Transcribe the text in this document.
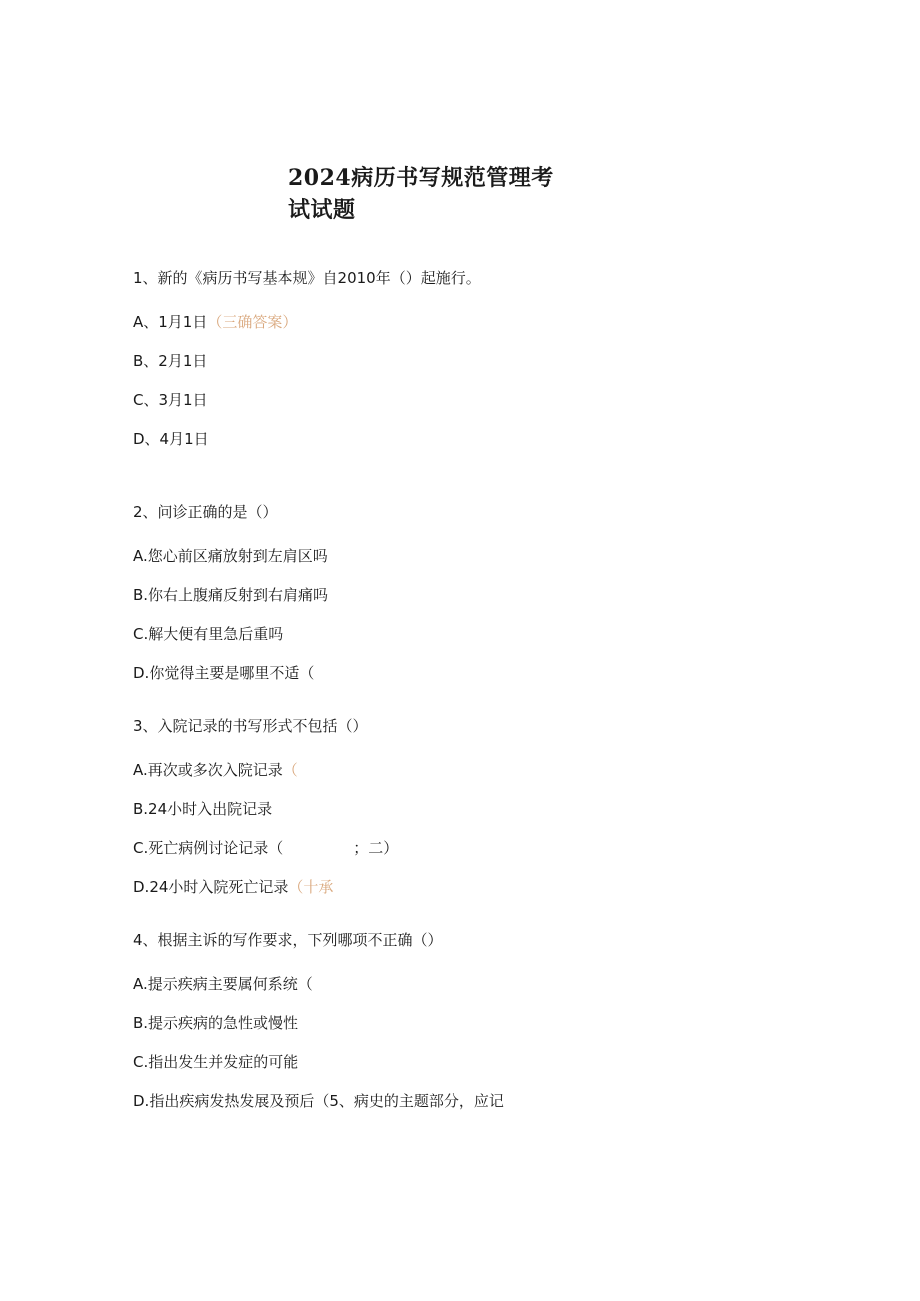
2024病历书写规范管理考
试试题
1、新的《病历书写基本规》自2010年（）起施行。
A、1月1日（三确答案）
B、2月1日
C、3月1日
D、4月1日
2、问诊正确的是（）
A.您心前区痛放射到左肩区吗
B.你右上腹痛反射到右肩痛吗
C.解大便有里急后重吗
D.你觉得主要是哪里不适（
3、入院记录的书写形式不包括（）
A.再次或多次入院记录（
B.24小时入出院记录
C.死亡病例讨论记录（	；二）
D.24小时入院死亡记录（十承
4、根据主诉的写作要求，下列哪项不正确（）
A.提示疾病主要属何系统（
B.提示疾病的急性或慢性
C.指出发生并发症的可能
D.指出疾病发热发展及预后（5、病史的主题部分，应记
